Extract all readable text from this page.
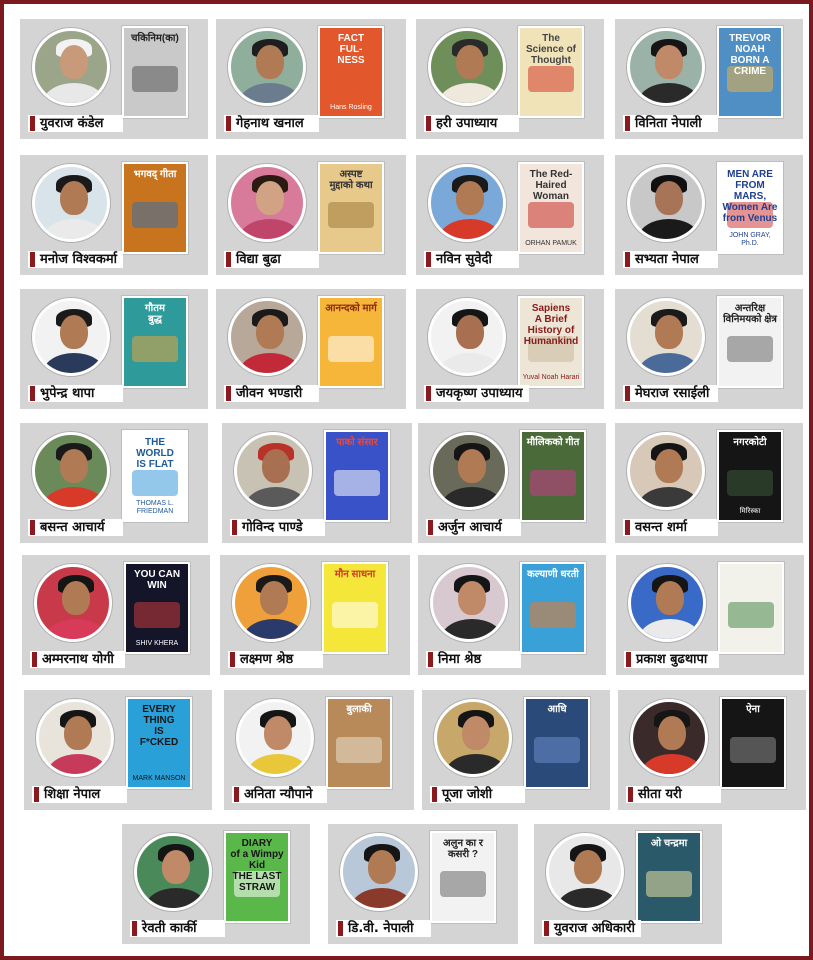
चकिनिम(का)
युवराज कंडेल
FACT
FUL-
NESS
Hans Rosling
गेहनाथ खनाल
The Science of Thought
हरी उपाध्याय
TREVOR NOAH
BORN A CRIME
विनिता नेपाली
भगवद् गीता
मनोज विश्वकर्मा
अस्पष्ट
मुद्दाको कथा
विद्या बुढा
The Red-Haired Woman
ORHAN PAMUK
नविन सुवेदी
MEN ARE
FROM MARS,
Women Are
from Venus
JOHN GRAY, Ph.D.
सभ्यता नेपाल
गौतम
बुद्ध
भुपेन्द्र थापा
आनन्दको मार्ग
जीवन भण्डारी
Sapiens
A Brief History of Humankind
Yuval Noah Harari
जयकृष्ण उपाध्याय
अन्तरिक्ष विनिमयको क्षेत्र
मेघराज रसाईली
THE WORLD
IS FLAT
THOMAS L. FRIEDMAN
बसन्त आचार्य
पाको संसार
गोविन्द पाण्डे
मौलिकको गीत
अर्जुन आचार्य
नगरकोटी
मिरिस्का
वसन्त शर्मा
YOU CAN WIN
SHIV KHERA
अम्मरनाथ योगी
मौन साधना
लक्ष्मण श्रेष्ठ
कल्याणी धरती
निमा श्रेष्ठ	प्रकाश बुढथापा
EVERY
THING
IS
F*CKED
MARK MANSON
शिक्षा नेपाल
बुलाकी
अनिता न्यौपाने
आधि
पूजा जोशी
ऐना
सीता यरी
DIARY
of a Wimpy Kid
THE LAST STRAW
रेवती कार्की
अलुन का र कसरी ?
डि.वी. नेपाली
ओ चन्द्रमा
युवराज अधिकारी
